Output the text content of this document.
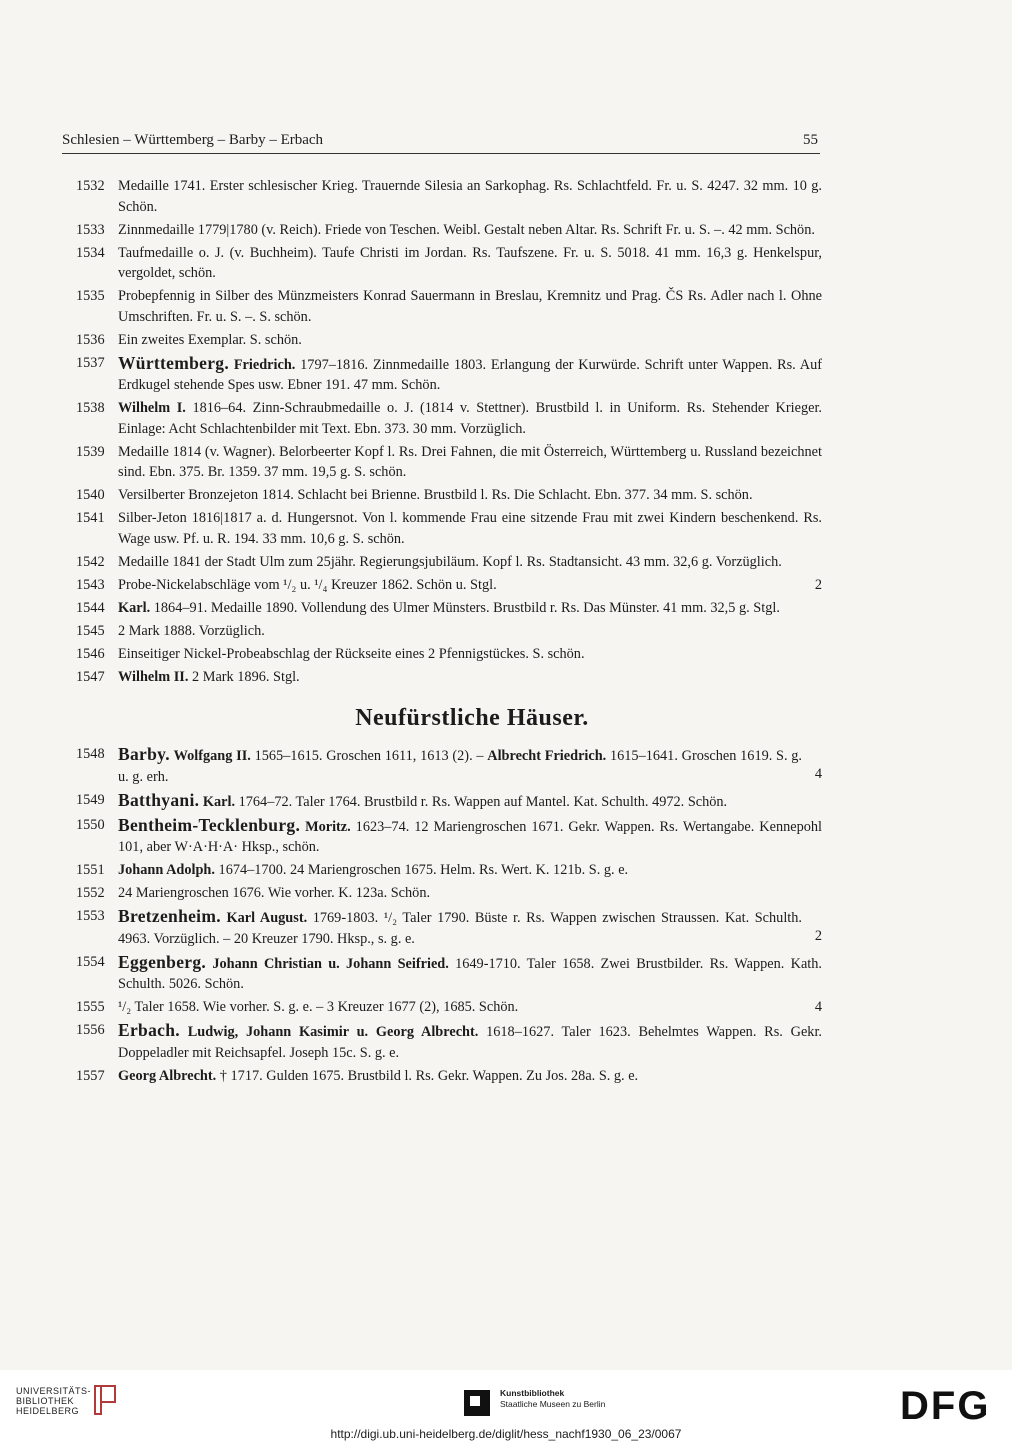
Schlesien – Württemberg – Barby – Erbach	55
1532 Medaille 1741. Erster schlesischer Krieg. Trauernde Silesia an Sarkophag. Rs. Schlachtfeld. Fr. u. S. 4247. 32 mm. 10 g. Schön.
1533 Zinnmedaille 1779|1780 (v. Reich). Friede von Teschen. Weibl. Gestalt neben Altar. Rs. Schrift Fr. u. S. –. 42 mm. Schön.
1534 Taufmedaille o. J. (v. Buchheim). Taufe Christi im Jordan. Rs. Taufszene. Fr. u. S. 5018. 41 mm. 16,3 g. Henkelspur, vergoldet, schön.
1535 Probepfennig in Silber des Münzmeisters Konrad Sauermann in Breslau, Kremnitz und Prag. ČS Rs. Adler nach l. Ohne Umschriften. Fr. u. S. –. S. schön.
1536 Ein zweites Exemplar. S. schön.
1537 Württemberg. Friedrich. 1797–1816. Zinnmedaille 1803. Erlangung der Kurwürde. Schrift unter Wappen. Rs. Auf Erdkugel stehende Spes usw. Ebner 191. 47 mm. Schön.
1538 Wilhelm I. 1816–64. Zinn-Schraubmedaille o. J. (1814 v. Stettner). Brustbild l. in Uniform. Rs. Stehender Krieger. Einlage: Acht Schlachtenbilder mit Text. Ebn. 373. 30 mm. Vorzüglich.
1539 Medaille 1814 (v. Wagner). Belorbeerter Kopf l. Rs. Drei Fahnen, die mit Österreich, Württemberg u. Russland bezeichnet sind. Ebn. 375. Br. 1359. 37 mm. 19,5 g. S. schön.
1540 Versilberter Bronzejeton 1814. Schlacht bei Brienne. Brustbild l. Rs. Die Schlacht. Ebn. 377. 34 mm. S. schön.
1541 Silber-Jeton 1816|1817 a. d. Hungersnot. Von l. kommende Frau eine sitzende Frau mit zwei Kindern beschenkend. Rs. Wage usw. Pf. u. R. 194. 33 mm. 10,6 g. S. schön.
1542 Medaille 1841 der Stadt Ulm zum 25jähr. Regierungsjubiläum. Kopf l. Rs. Stadtansicht. 43 mm. 32,6 g. Vorzüglich.
1543 Probe-Nickelabschläge vom ¹/₂ u. ¹/₄ Kreuzer 1862. Schön u. Stgl.	2
1544 Karl. 1864–91. Medaille 1890. Vollendung des Ulmer Münsters. Brustbild r. Rs. Das Münster. 41 mm. 32,5 g. Stgl.
1545 2 Mark 1888. Vorzüglich.
1546 Einseitiger Nickel-Probeabschlag der Rückseite eines 2 Pfennigstückes. S. schön.
1547 Wilhelm II. 2 Mark 1896. Stgl.
Neufürstliche Häuser.
1548 Barby. Wolfgang II. 1565–1615. Groschen 1611, 1613 (2). – Albrecht Friedrich. 1615–1641. Groschen 1619. S. g. u. g. erh.	4
1549 Batthyani. Karl. 1764–72. Taler 1764. Brustbild r. Rs. Wappen auf Mantel. Kat. Schulth. 4972. Schön.
1550 Bentheim-Tecklenburg. Moritz. 1623–74. 12 Mariengroschen 1671. Gekr. Wappen. Rs. Wertangabe. Kennepohl 101, aber W·A·H·A· Hksp., schön.
1551 Johann Adolph. 1674–1700. 24 Mariengroschen 1675. Helm. Rs. Wert. K. 121b. S. g. e.
1552 24 Mariengroschen 1676. Wie vorher. K. 123a. Schön.
1553 Bretzenheim. Karl August. 1769-1803. ¹/₂ Taler 1790. Büste r. Rs. Wappen zwischen Straussen. Kat. Schulth. 4963. Vorzüglich. – 20 Kreuzer 1790. Hksp., s. g. e.	2
1554 Eggenberg. Johann Christian u. Johann Seifried. 1649-1710. Taler 1658. Zwei Brustbilder. Rs. Wappen. Kath. Schulth. 5026. Schön.
1555 ¹/₂ Taler 1658. Wie vorher. S. g. e. – 3 Kreuzer 1677 (2), 1685. Schön.	4
1556 Erbach. Ludwig, Johann Kasimir u. Georg Albrecht. 1618–1627. Taler 1623. Behelmtes Wappen. Rs. Gekr. Doppeladler mit Reichsapfel. Joseph 15c. S. g. e.
1557 Georg Albrecht. † 1717. Gulden 1675. Brustbild l. Rs. Gekr. Wappen. Zu Jos. 28a. S. g. e.
UNIVERSITÄTS-
BIBLIOTHEK
HEIDELBERG
Kunstbibliothek
Staatliche Museen zu Berlin	DFG
http://digi.ub.uni-heidelberg.de/diglit/hess_nachf1930_06_23/0067
